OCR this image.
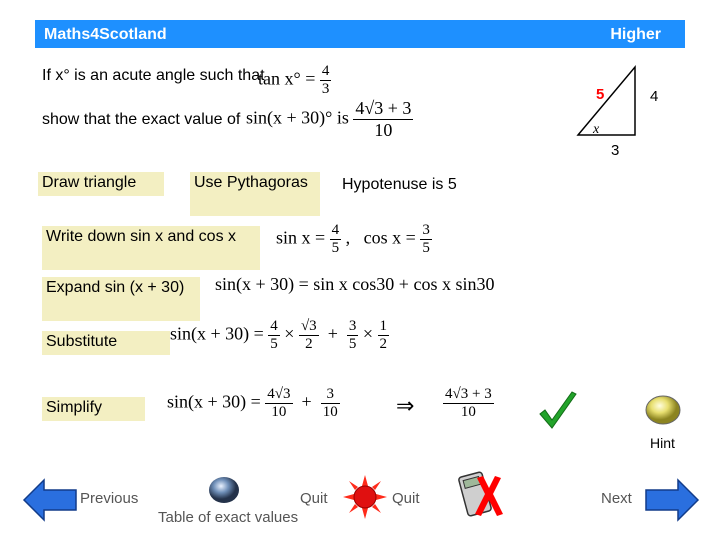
Maths4Scotland	Higher
If x° is an acute angle such that
$\tan x^\circ = \frac{4}{3}$
show that the exact value of sin(x + 30)° is $\frac{4√3 + 3}{10}$
5	4
x
3
Draw triangle	Use Pythagoras	Hypotenuse is 5
Write down sin x and cos x	$\sin x = \frac{4}{5}$ ,   $\cos x = \frac{3}{5}$
Expand sin (x + 30)	sin(x + 30) = sin x cos30 + cos x sin30
Substitute	$\sin(x + 30) = \frac{4}{5} \times \frac{√3}{2} + \frac{3}{5} \times \frac{1}{2}$
Simplify	$\sin(x + 30) = \frac{4√3}{10} + \frac{3}{10}$	⇒ $\frac{4√3 + 3}{10}$
Hint
Previous	Quit
Table of exact values
Quit	Next
